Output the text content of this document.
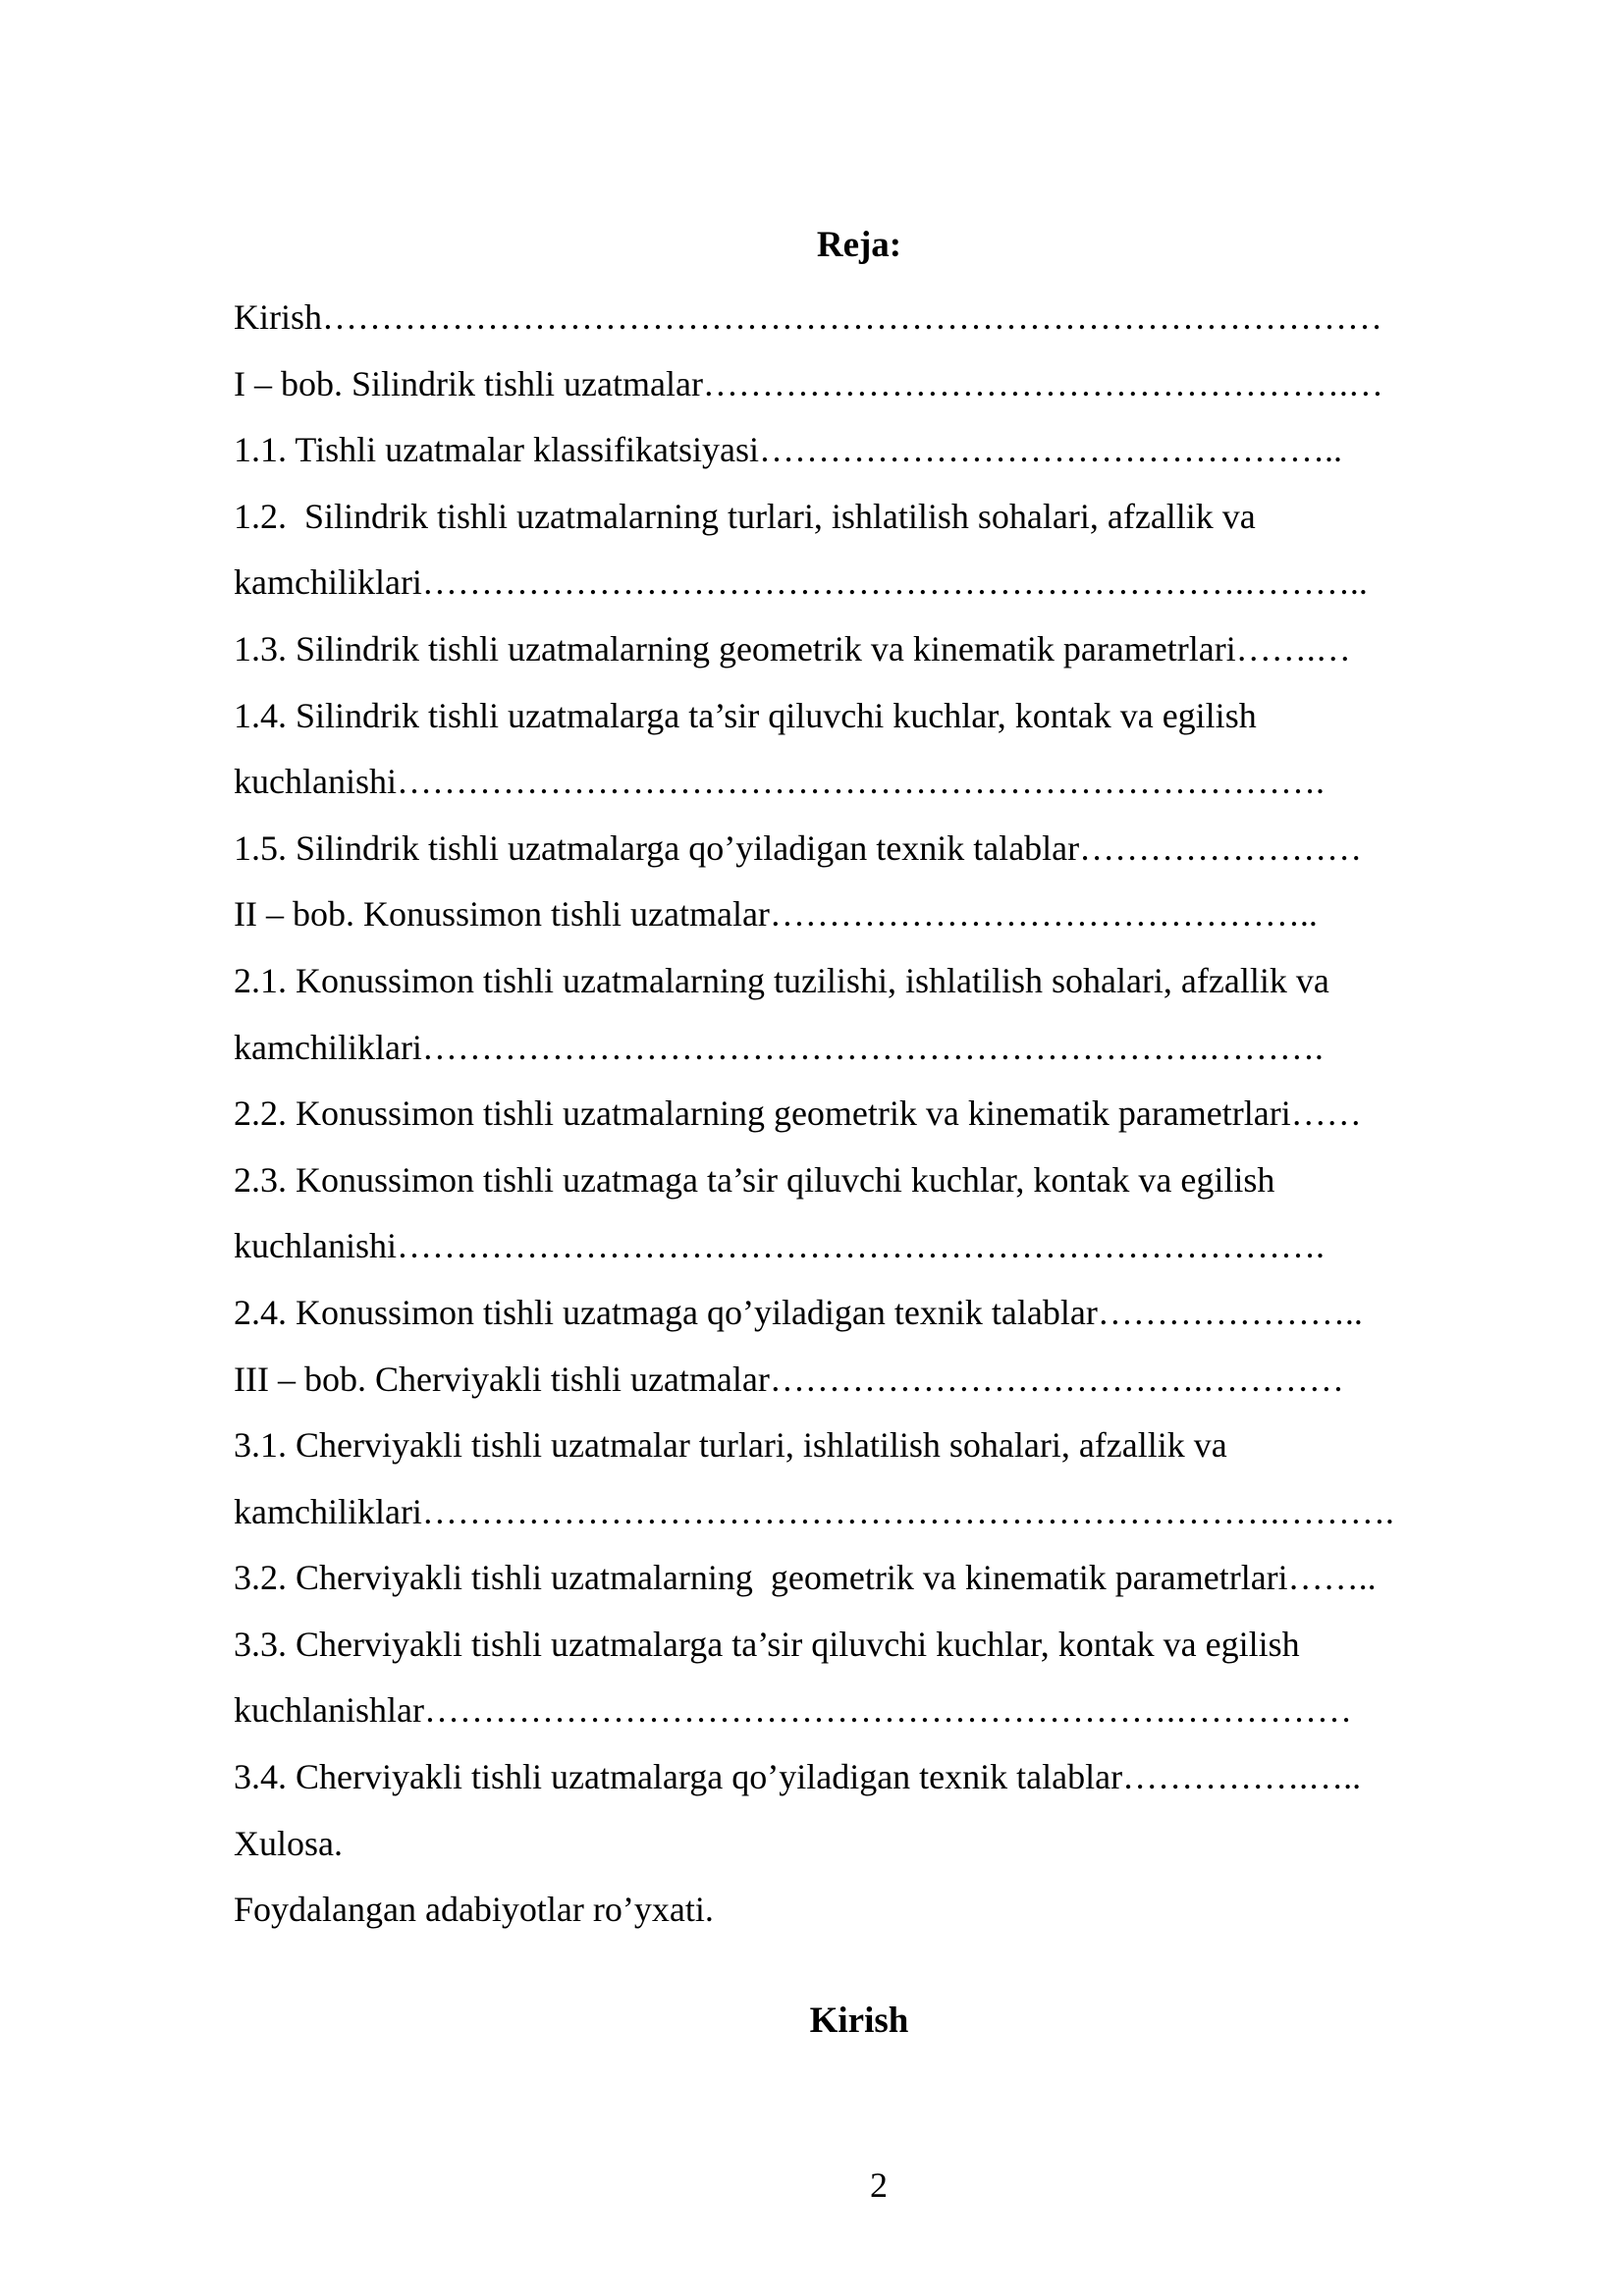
Reja:
Kirish………………………………………………………………………………
I – bob. Silindrik tishli uzatmalar……………………………………………….…
1.1. Tishli uzatmalar klassifikatsiyasi…………………………………………..
1.2.  Silindrik tishli uzatmalarning turlari, ishlatilish sohalari, afzallik va
kamchiliklari…………………………………………………………….………..
1.3. Silindrik tishli uzatmalarning geometrik va kinematik parametrlari…….…
1.4. Silindrik tishli uzatmalarga ta’sir qiluvchi kuchlar, kontak va egilish
kuchlanishi…………………………………………………………………….
1.5. Silindrik tishli uzatmalarga qo’yiladigan texnik talablar……………………
II – bob. Konussimon tishli uzatmalar………………………………………..
2.1. Konussimon tishli uzatmalarning tuzilishi, ishlatilish sohalari, afzallik va
kamchiliklari………………………………………………………….……….
2.2. Konussimon tishli uzatmalarning geometrik va kinematik parametrlari……
2.3. Konussimon tishli uzatmaga ta’sir qiluvchi kuchlar, kontak va egilish
kuchlanishi…………………………………………………………………….
2.4. Konussimon tishli uzatmaga qo’yiladigan texnik talablar…………………..
III – bob. Cherviyakli tishli uzatmalar……………………………….…………
3.1. Cherviyakli tishli uzatmalar turlari, ishlatilish sohalari, afzallik va
kamchiliklari……………………………………………………………….……….
3.2. Cherviyakli tishli uzatmalarning  geometrik va kinematik parametrlari……..
3.3. Cherviyakli tishli uzatmalarga ta’sir qiluvchi kuchlar, kontak va egilish
kuchlanishlar……………………………………………………….……………
3.4. Cherviyakli tishli uzatmalarga qo’yiladigan texnik talablar…………….…..
Xulosa.
Foydalangan adabiyotlar ro’yxati.
Kirish
2
